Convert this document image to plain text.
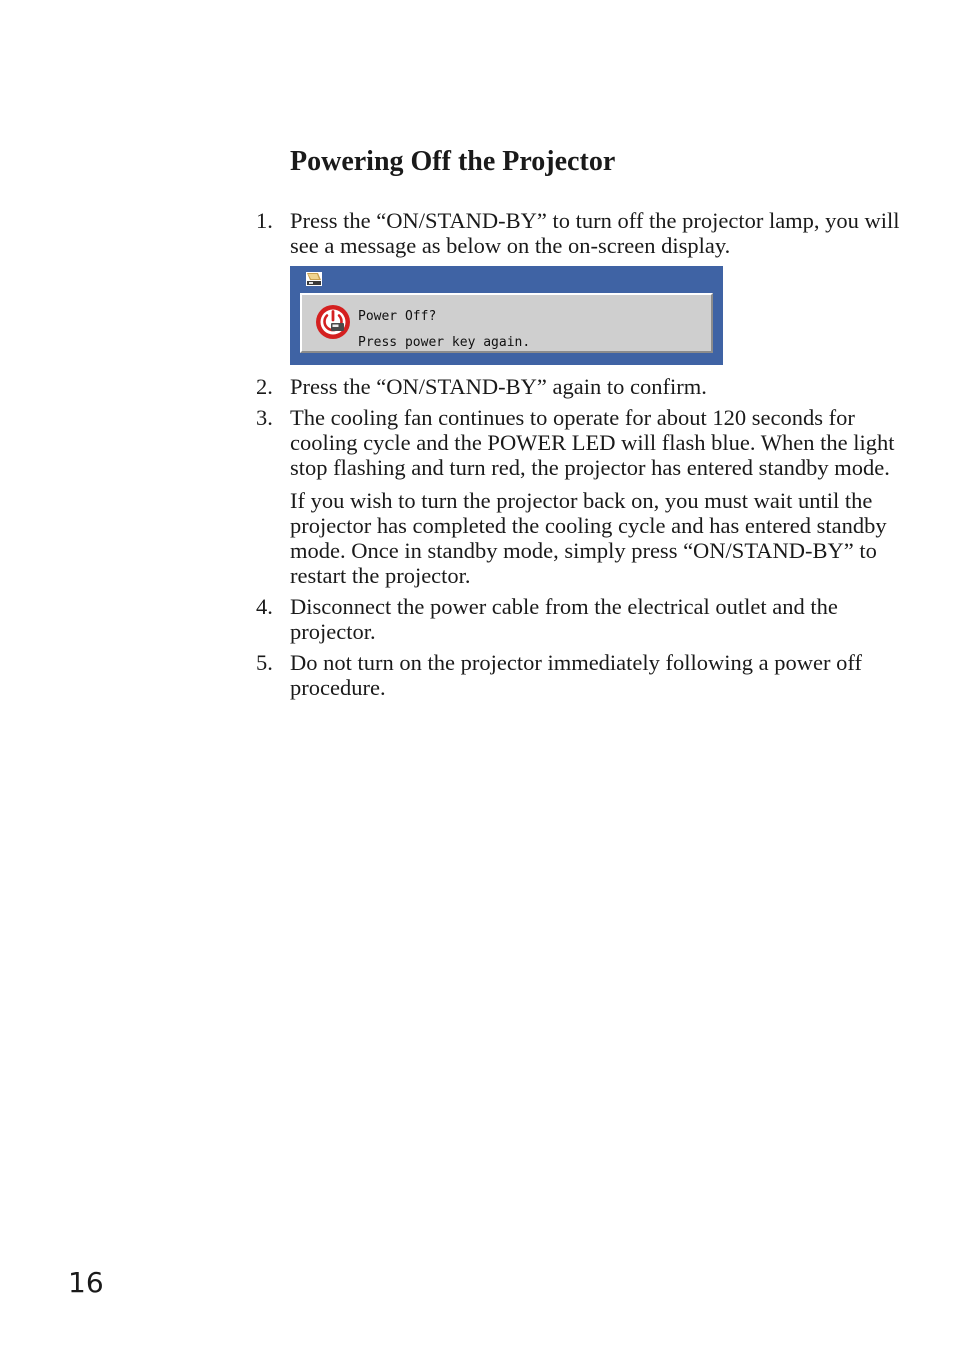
Powering Off the Projector
1. Press the “ON/STAND-BY” to turn off the projector lamp, you will see a message as below on the on-screen display.
Power Off?
Press power key again.
2. Press the “ON/STAND-BY” again to confirm.
3. The cooling fan continues to operate for about 120 seconds for cooling cycle and the POWER LED will flash blue. When the light stop flashing and turn red, the projector has entered standby mode.
If you wish to turn the projector back on, you must wait until the projector has completed the cooling cycle and has entered standby mode. Once in standby mode, simply press “ON/STAND-BY” to restart the projector.
4. Disconnect the power cable from the electrical outlet and the projector.
5. Do not turn on the projector immediately following a power off procedure.
16
